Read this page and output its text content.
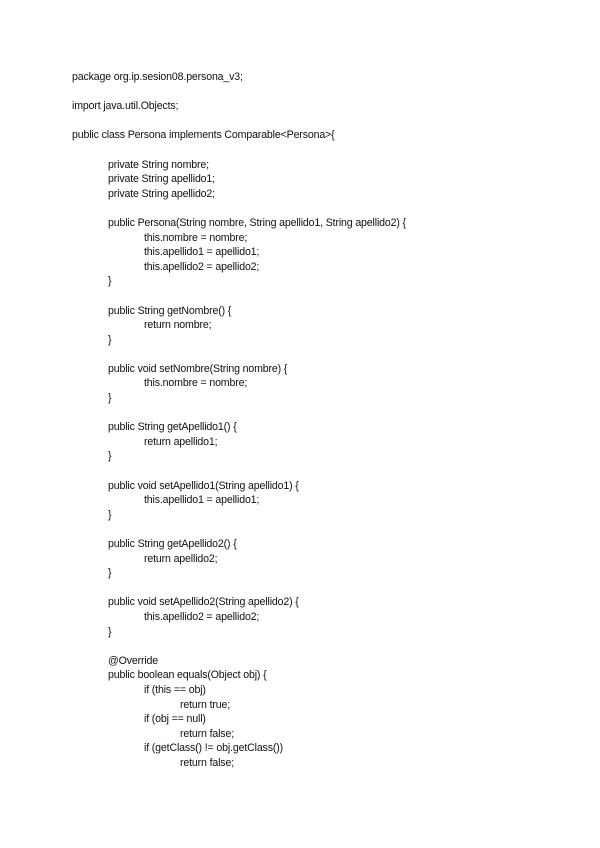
package org.ip.sesion08.persona_v3;
import java.util.Objects;
public class Persona implements Comparable<Persona>{
private String nombre;
private String apellido1;
private String apellido2;
public Persona(String nombre, String apellido1, String apellido2) {
this.nombre = nombre;
this.apellido1 = apellido1;
this.apellido2 = apellido2;
}
public String getNombre() {
return nombre;
}
public void setNombre(String nombre) {
this.nombre = nombre;
}
public String getApellido1() {
return apellido1;
}
public void setApellido1(String apellido1) {
this.apellido1 = apellido1;
}
public String getApellido2() {
return apellido2;
}
public void setApellido2(String apellido2) {
this.apellido2 = apellido2;
}
@Override
public boolean equals(Object obj) {
if (this == obj)
return true;
if (obj == null)
return false;
if (getClass() != obj.getClass())
return false;
